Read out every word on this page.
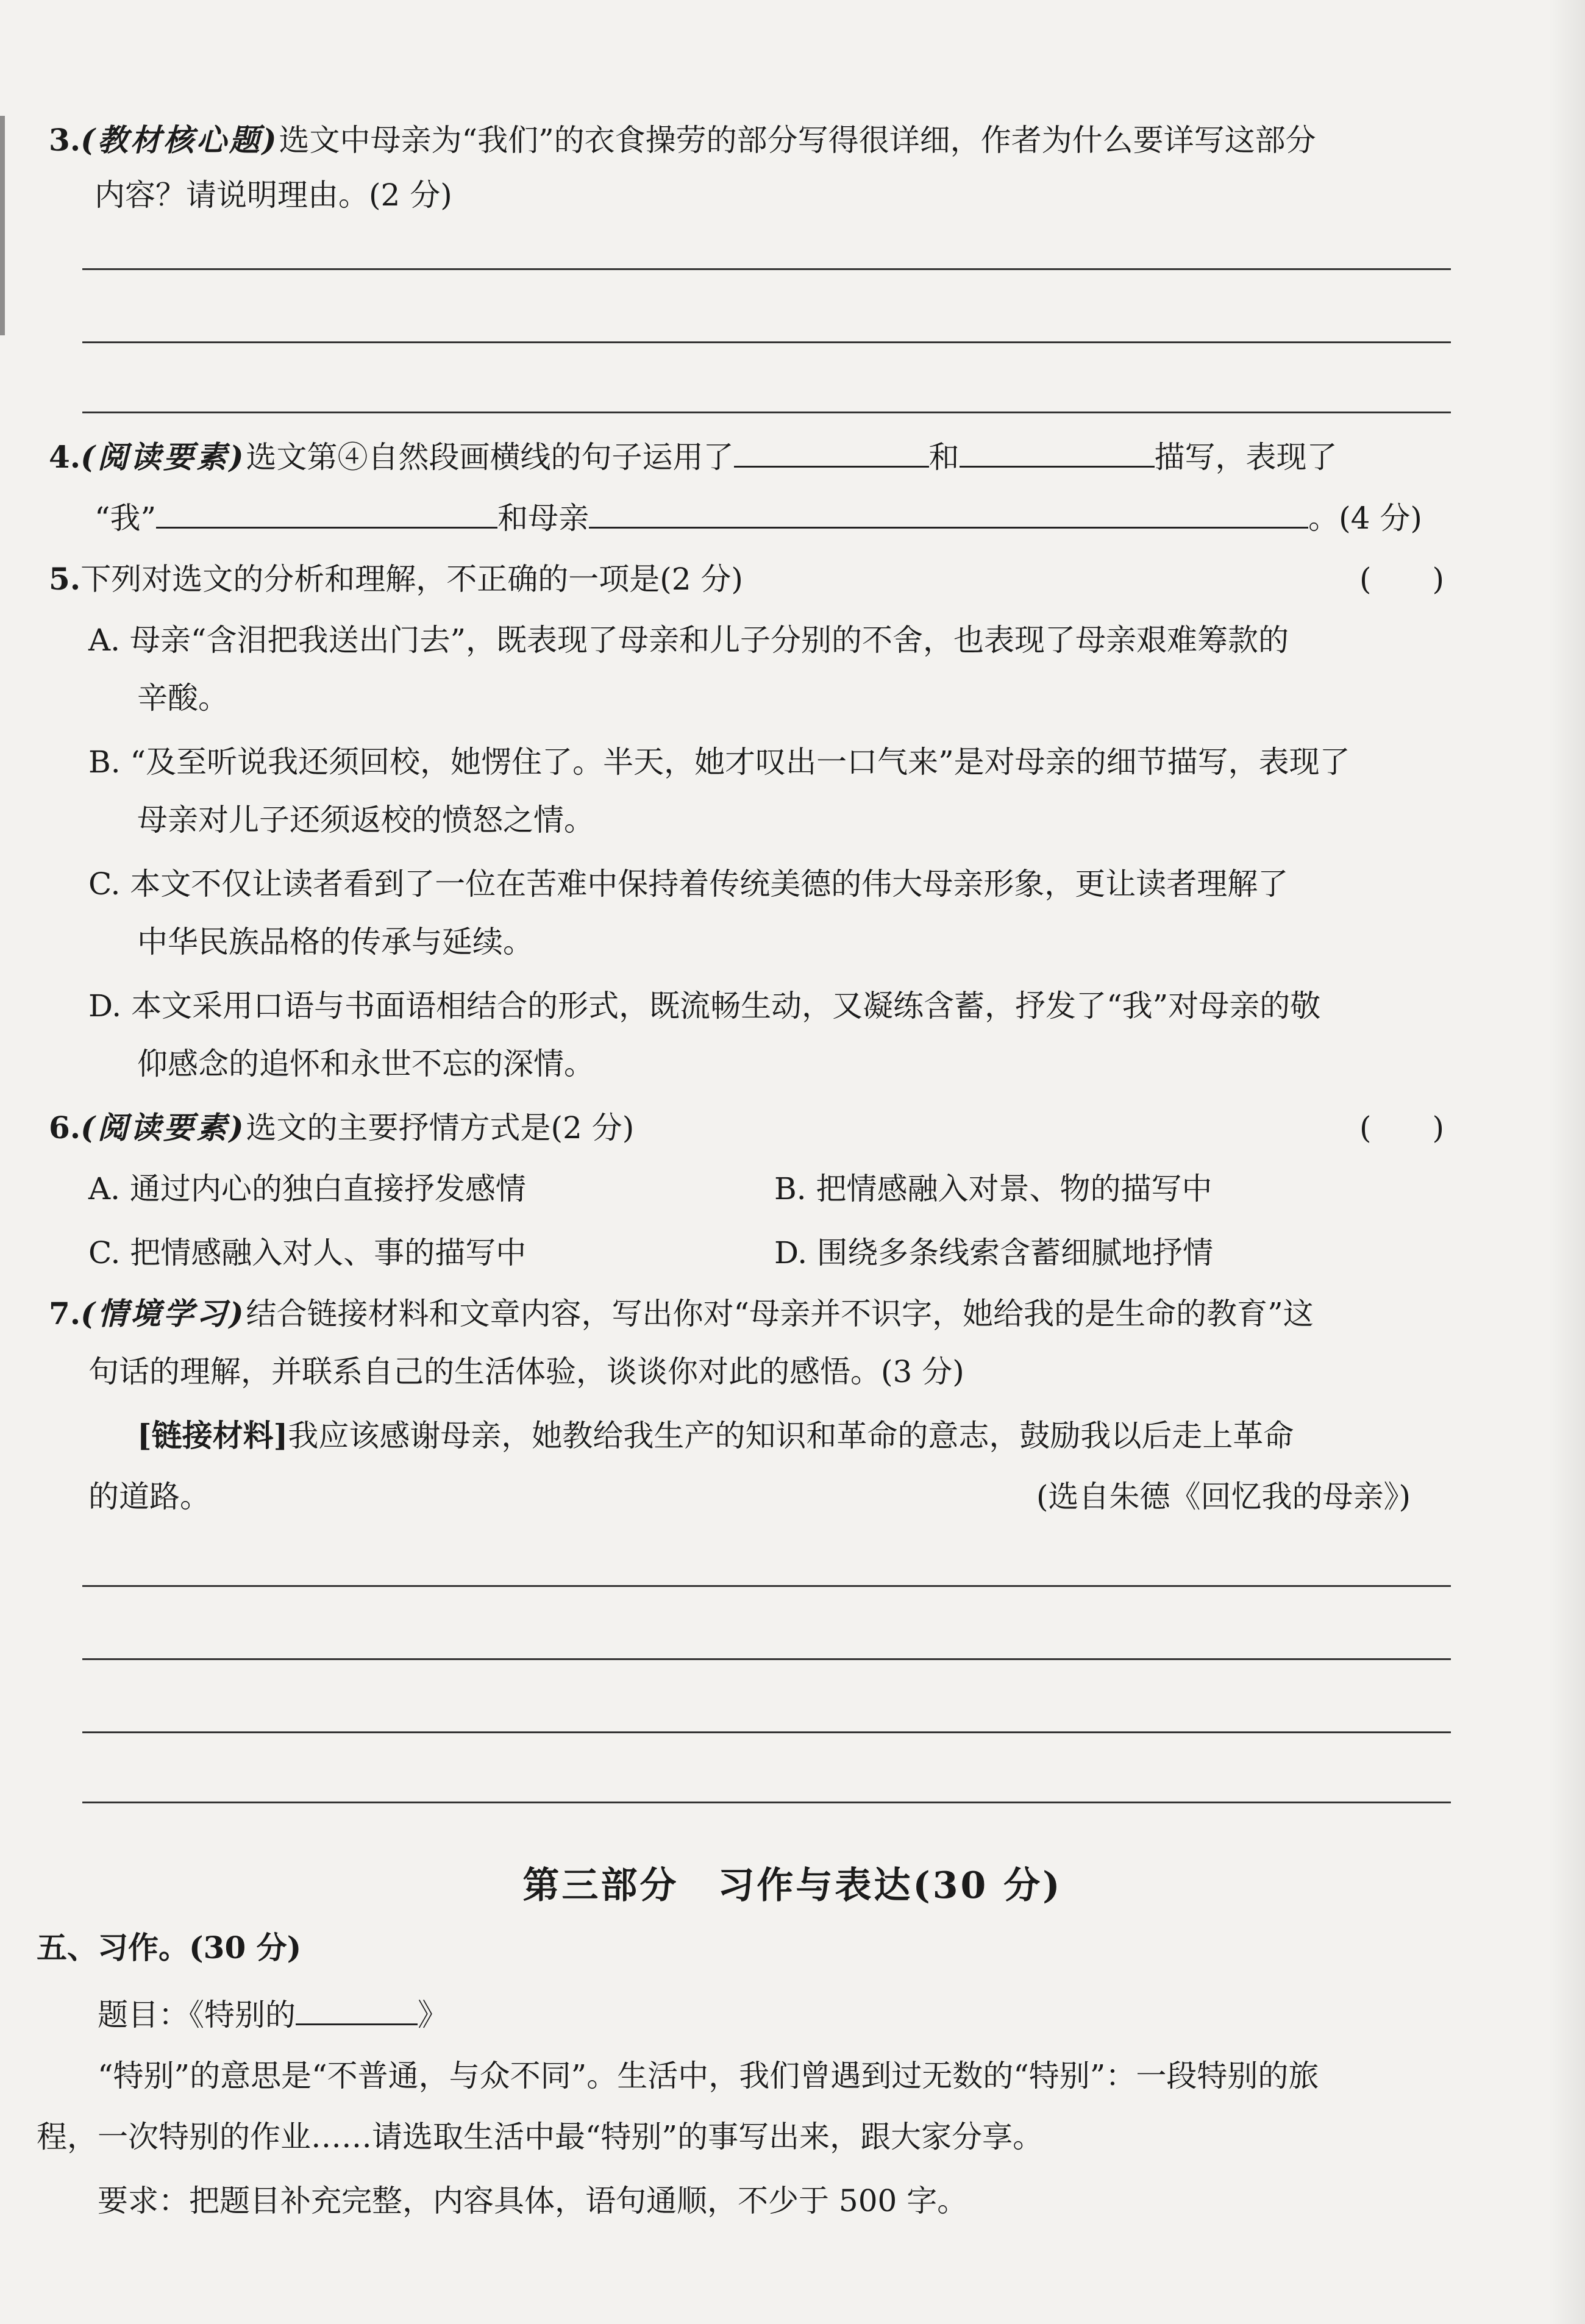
3.(教材核心题)选文中母亲为“我们”的衣食操劳的部分写得很详细，作者为什么要详写这部分
内容？请说明理由。(2 分)
4.(阅读要素)选文第④自然段画横线的句子运用了	和	描写，表现了
“我”	和母亲	。(4 分)
5.下列对选文的分析和理解，不正确的一项是(2 分)	(　　)
A. 母亲“含泪把我送出门去”，既表现了母亲和儿子分别的不舍，也表现了母亲艰难筹款的
辛酸。
B. “及至听说我还须回校，她愣住了。半天，她才叹出一口气来”是对母亲的细节描写，表现了
母亲对儿子还须返校的愤怒之情。
C. 本文不仅让读者看到了一位在苦难中保持着传统美德的伟大母亲形象，更让读者理解了
中华民族品格的传承与延续。
D. 本文采用口语与书面语相结合的形式，既流畅生动，又凝练含蓄，抒发了“我”对母亲的敬
仰感念的追怀和永世不忘的深情。
6.(阅读要素)选文的主要抒情方式是(2 分)	(　　)
A. 通过内心的独白直接抒发感情	B. 把情感融入对景、物的描写中
C. 把情感融入对人、事的描写中	D. 围绕多条线索含蓄细腻地抒情
7.(情境学习)结合链接材料和文章内容，写出你对“母亲并不识字，她给我的是生命的教育”这
句话的理解，并联系自己的生活体验，谈谈你对此的感悟。(3 分)
[链接材料]我应该感谢母亲，她教给我生产的知识和革命的意志，鼓励我以后走上革命
的道路。	(选自朱德《回忆我的母亲》)
第三部分　习作与表达(30 分)
五、习作。(30 分)
题目：《特别的	》
“特别”的意思是“不普通，与众不同”。生活中，我们曾遇到过无数的“特别”：一段特别的旅
程，一次特别的作业……请选取生活中最“特别”的事写出来，跟大家分享。
要求：把题目补充完整，内容具体，语句通顺，不少于 500 字。
